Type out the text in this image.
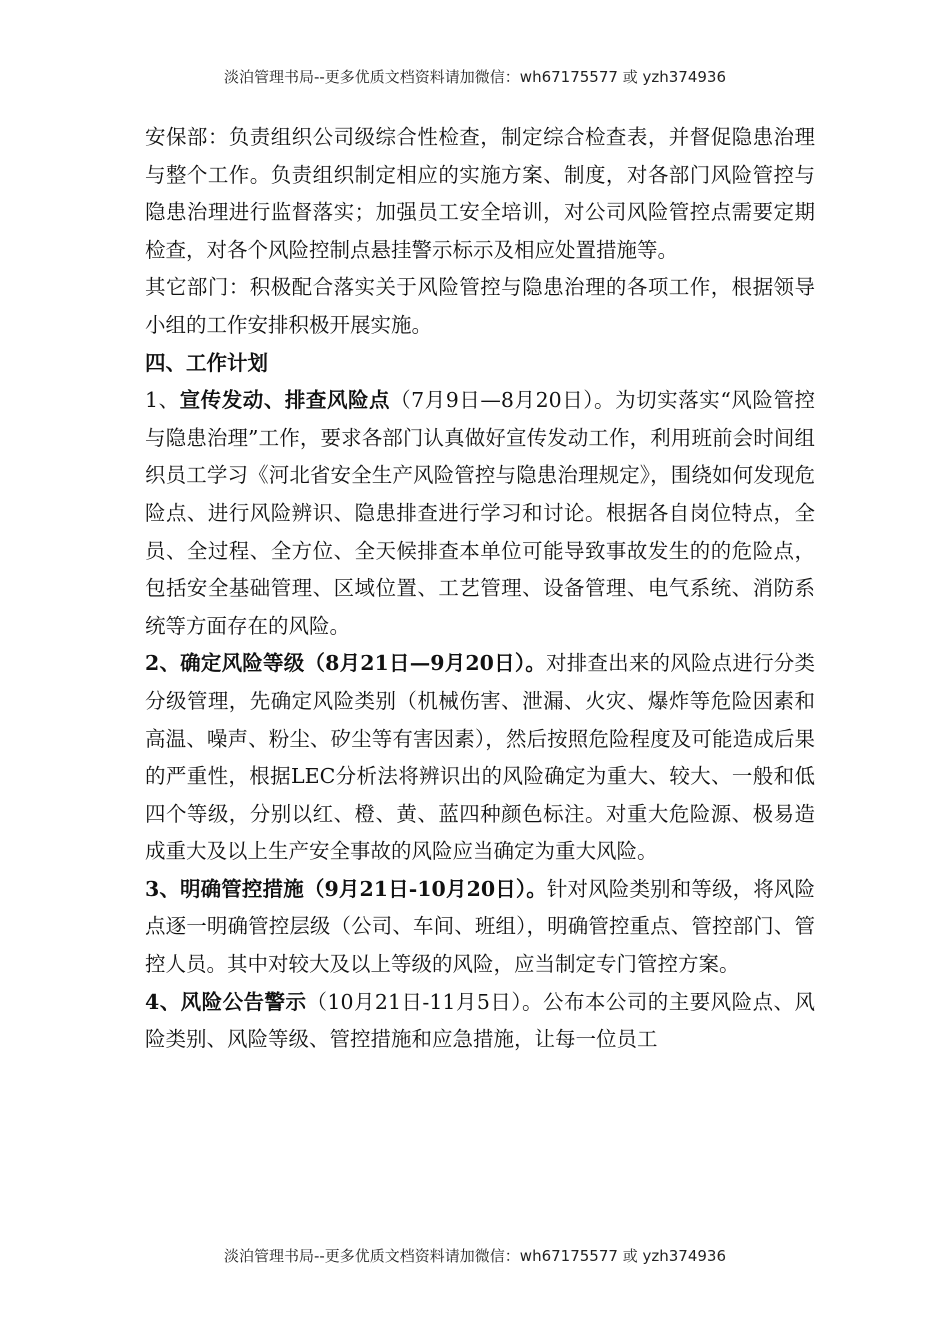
淡泊管理书局--更多优质文档资料请加微信：wh67175577 或 yzh374936

安保部：负责组织公司级综合性检查，制定综合检查表，并督促隐患治理与整个工作。负责组织制定相应的实施方案、制度，对各部门风险管控与隐患治理进行监督落实；加强员工安全培训，对公司风险管控点需要定期检查，对各个风险控制点悬挂警示标示及相应处置措施等。

其它部门：积极配合落实关于风险管控与隐患治理的各项工作，根据领导小组的工作安排积极开展实施。

四、工作计划

1、宣传发动、排查风险点（7月9日—8月20日）。为切实落实“风险管控与隐患治理”工作，要求各部门认真做好宣传发动工作，利用班前会时间组织员工学习《河北省安全生产风险管控与隐患治理规定》，围绕如何发现危险点、进行风险辨识、隐患排查进行学习和讨论。根据各自岗位特点，全员、全过程、全方位、全天候排查本单位可能导致事故发生的的危险点，包括安全基础管理、区域位置、工艺管理、设备管理、电气系统、消防系统等方面存在的风险。

2、确定风险等级（8月21日—9月20日）。对排查出来的风险点进行分类分级管理，先确定风险类别（机械伤害、泄漏、火灾、爆炸等危险因素和高温、噪声、粉尘、矽尘等有害因素），然后按照危险程度及可能造成后果的严重性，根据LEC分析法将辨识出的风险确定为重大、较大、一般和低四个等级，分别以红、橙、黄、蓝四种颜色标注。对重大危险源、极易造成重大及以上生产安全事故的风险应当确定为重大风险。

3、明确管控措施（9月21日-10月20日）。针对风险类别和等级，将风险点逐一明确管控层级（公司、车间、班组），明确管控重点、管控部门、管控人员。其中对较大及以上等级的风险，应当制定专门管控方案。

4、风险公告警示（10月21日-11月5日）。公布本公司的主要风险点、风险类别、风险等级、管控措施和应急措施，让每一位员工

淡泊管理书局--更多优质文档资料请加微信：wh67175577 或 yzh374936
